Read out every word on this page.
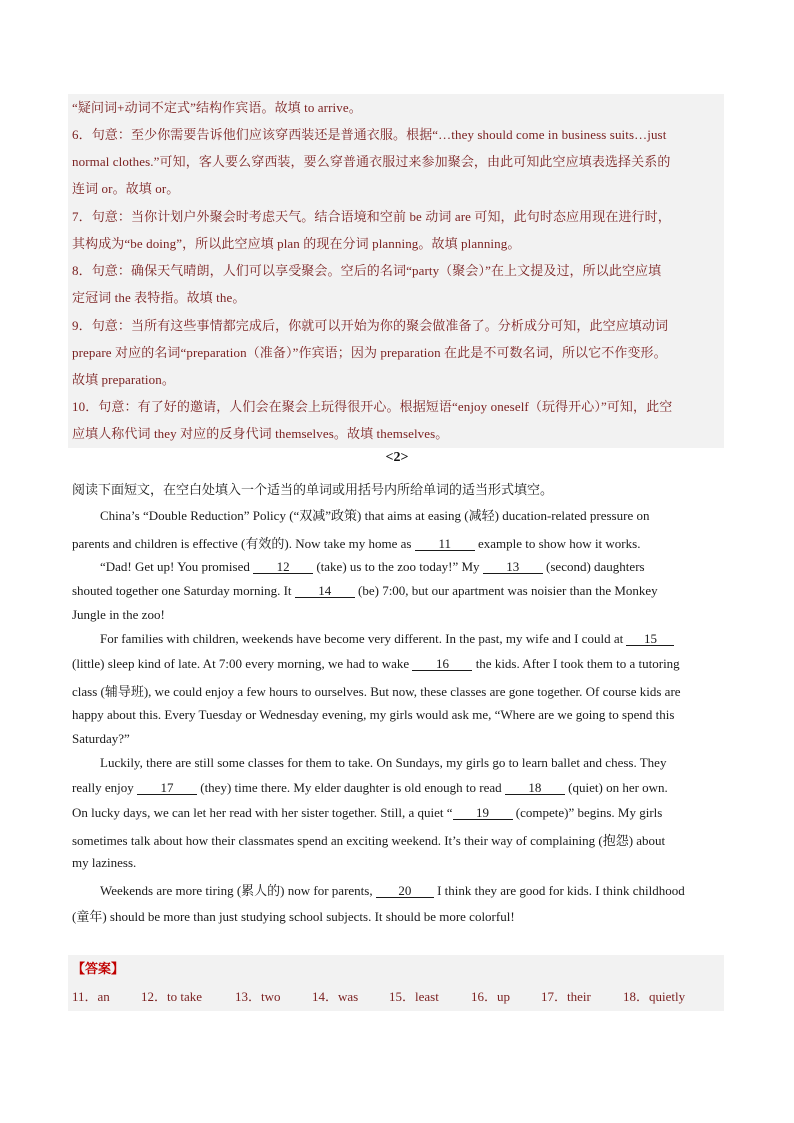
“疑问词+动词不定式”结构作宾语。故填 to arrive。
6．句意：至少你需要告诉他们应该穿西装还是普通衣服。根据“…they should come in business suits…just
normal clothes.”可知，客人要么穿西装，要么穿普通衣服过来参加聚会，由此可知此空应填表选择关系的
连词 or。故填 or。
7．句意：当你计划户外聚会时考虑天气。结合语境和空前 be 动词 are 可知，此句时态应用现在进行时，
其构成为“be doing”，所以此空应填 plan 的现在分词 planning。故填 planning。
8．句意：确保天气晴朗，人们可以享受聚会。空后的名词“party（聚会）”在上文提及过，所以此空应填
定冠词 the 表特指。故填 the。
9．句意：当所有这些事情都完成后，你就可以开始为你的聚会做准备了。分析成分可知，此空应填动词
prepare 对应的名词“preparation（准备）”作宾语；因为 preparation 在此是不可数名词，所以它不作变形。
故填 preparation。
10．句意：有了好的邀请，人们会在聚会上玩得很开心。根据短语“enjoy oneself（玩得开心）”可知，此空
应填人称代词 they 对应的反身代词 themselves。故填 themselves。
<2>
阅读下面短文，在空白处填入一个适当的单词或用括号内所给单词的适当形式填空。
China’s “Double Reduction” Policy (“双减”政策) that aims at easing (减轻) ducation-related pressure on
parents and children is effective (有效的). Now take my home as 11 example to show how it works.
“Dad! Get up! You promised 12 (take) us to the zoo today!” My 13 (second) daughters
shouted together one Saturday morning. It 14 (be) 7:00, but our apartment was noisier than the Monkey
Jungle in the zoo!
For families with children, weekends have become very different. In the past, my wife and I could at 15
(little) sleep kind of late. At 7:00 every morning, we had to wake 16 the kids. After I took them to a tutoring
class (辅导班), we could enjoy a few hours to ourselves. But now, these classes are gone together. Of course kids are
happy about this. Every Tuesday or Wednesday evening, my girls would ask me, “Where are we going to spend this
Saturday?”
Luckily, there are still some classes for them to take. On Sundays, my girls go to learn ballet and chess. They
really enjoy 17 (they) time there. My elder daughter is old enough to read 18 (quiet) on her own.
On lucky days, we can let her read with her sister together. Still, a quiet “ 19 (compete)” begins. My girls
sometimes talk about how their classmates spend an exciting weekend. It’s their way of complaining (抱怨) about
my laziness.
Weekends are more tiring (累人的) now for parents, 20 I think they are good for kids. I think childhood
(童年) should be more than just studying school subjects. It should be more colorful!
【答案】
11．an 12．to take	13．two 14．was 15．least 16．up 17．their 18．quietly
